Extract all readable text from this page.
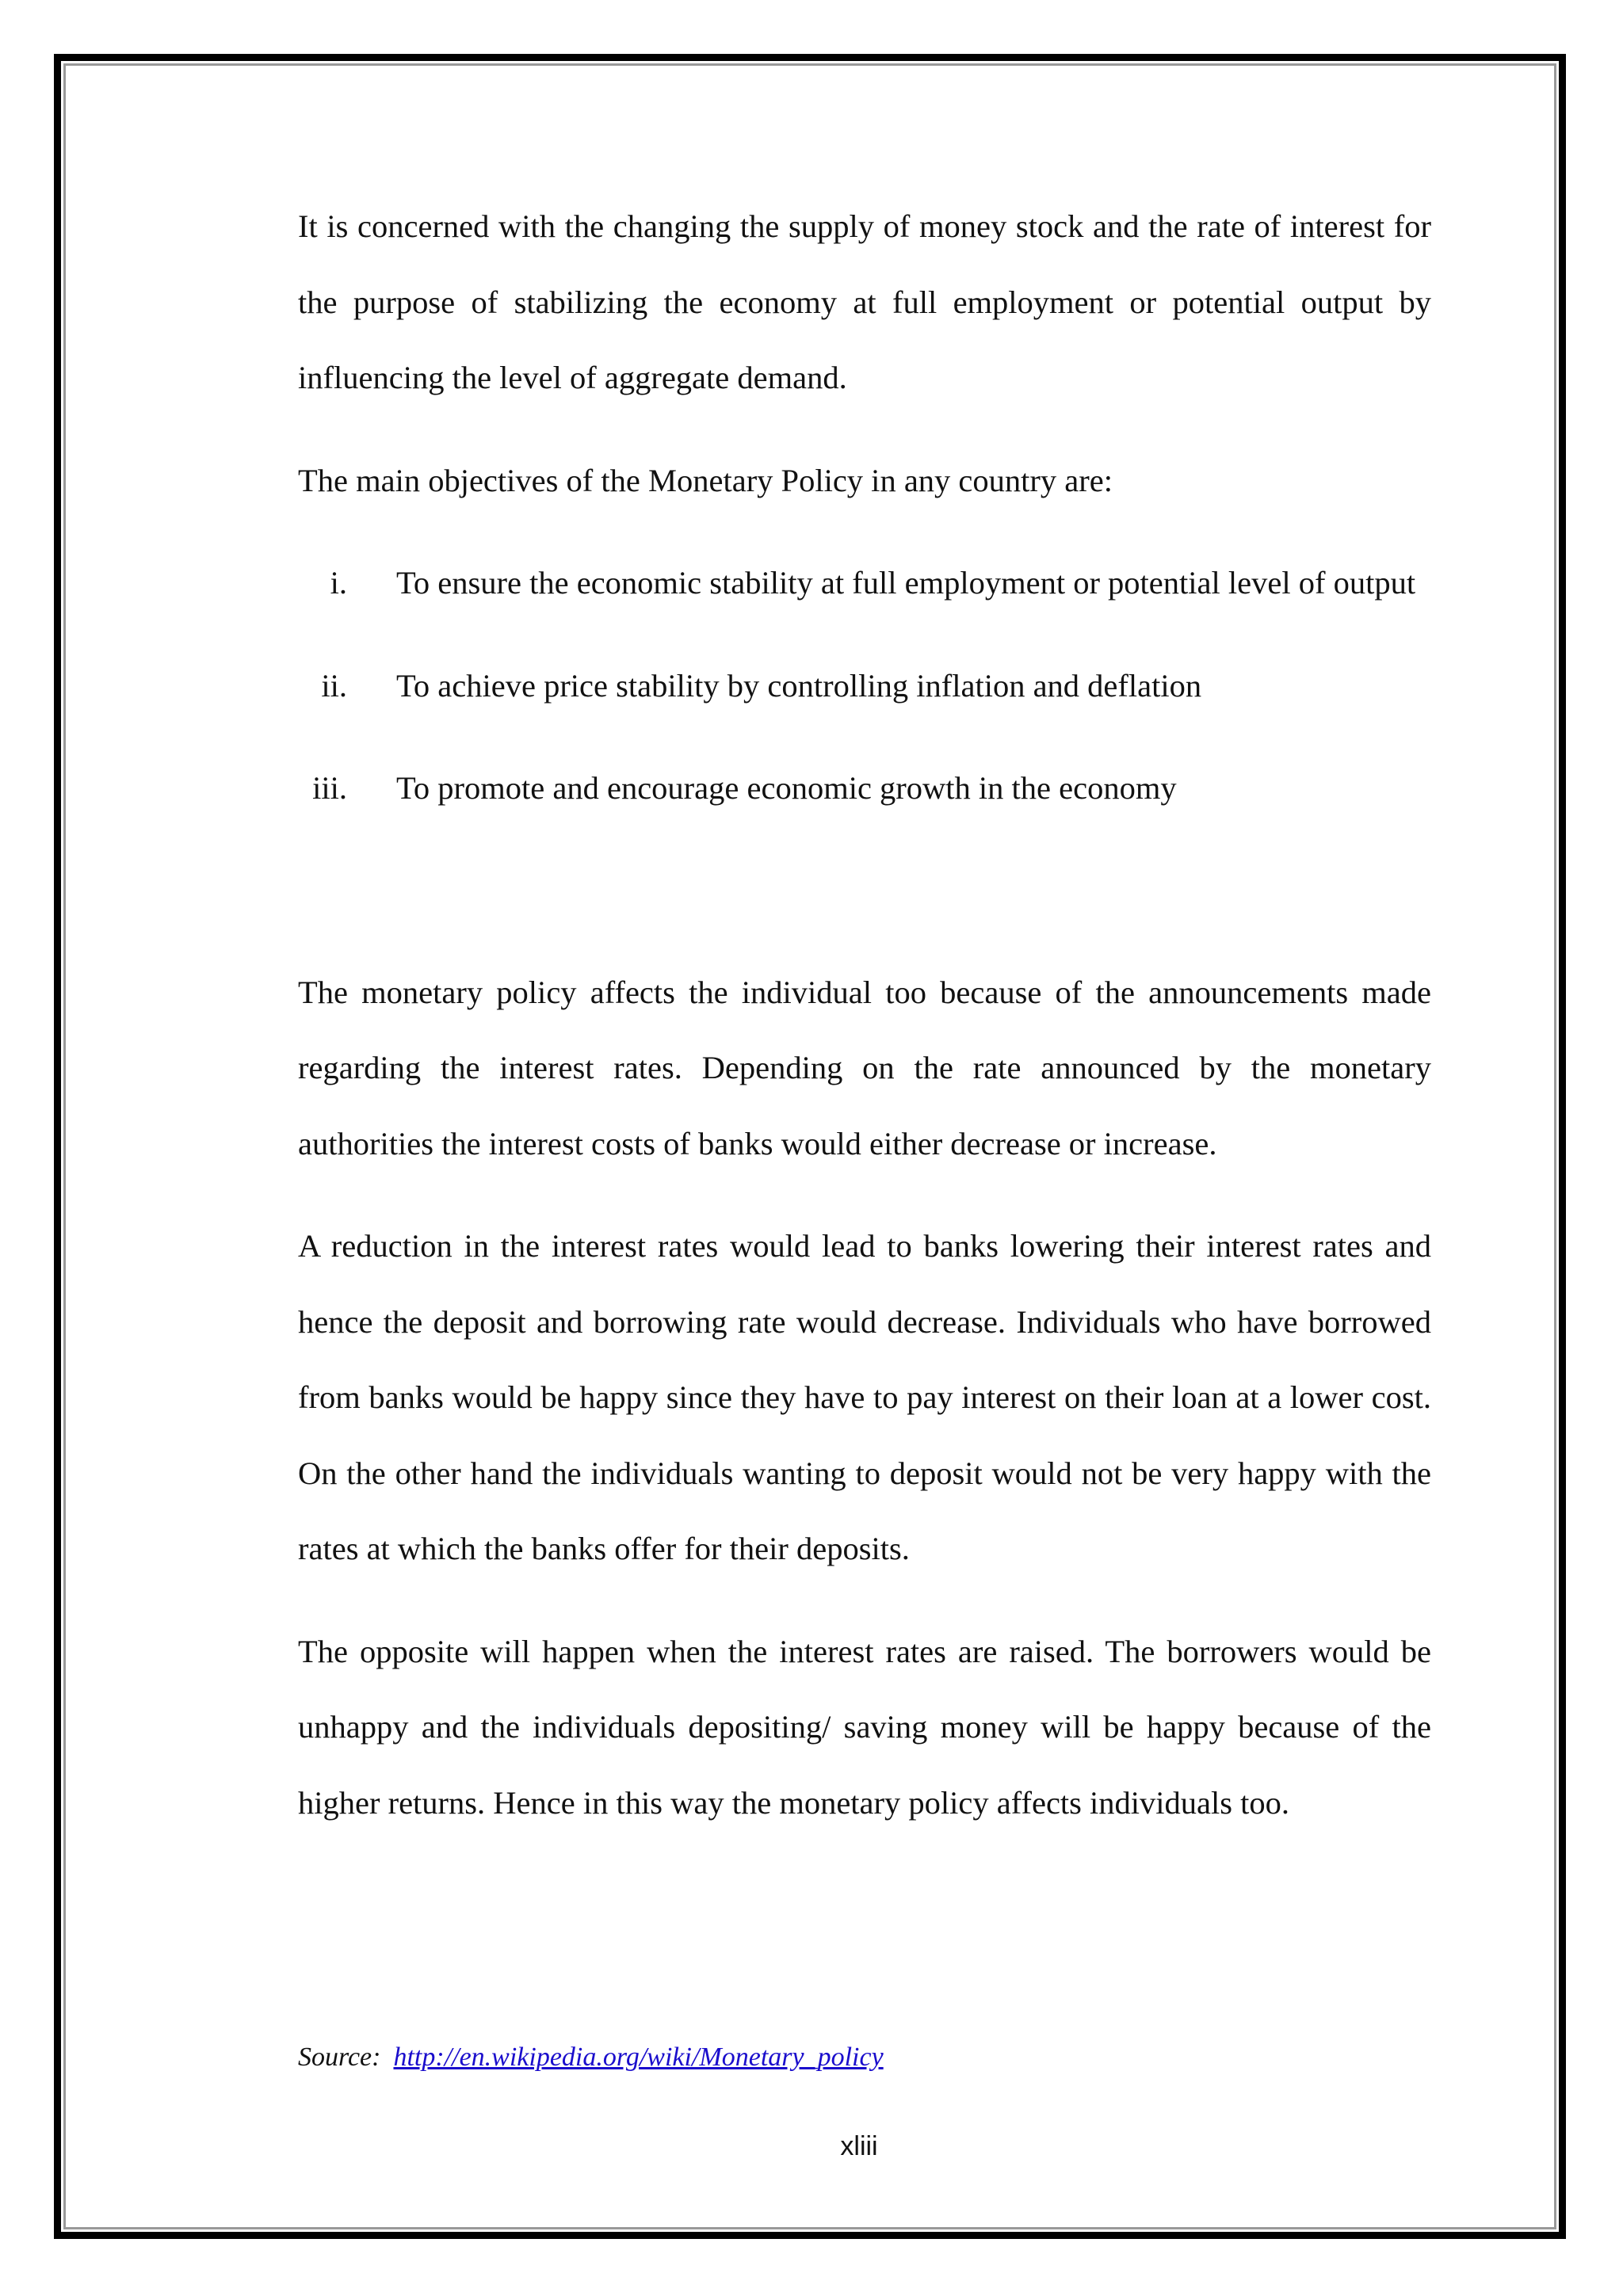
It is concerned with the changing the supply of money stock and the rate of interest for the purpose of stabilizing the economy at full employment or potential output by influencing the level of aggregate demand.

The main objectives of the Monetary Policy in any country are:

i. To ensure the economic stability at full employment or potential level of output
ii. To achieve price stability by controlling inflation and deflation
iii. To promote and encourage economic growth in the economy

The monetary policy affects the individual too because of the announcements made regarding the interest rates. Depending on the rate announced by the monetary authorities the interest costs of banks would either decrease or increase.

A reduction in the interest rates would lead to banks lowering their interest rates and hence the deposit and borrowing rate would decrease. Individuals who have borrowed from banks would be happy since they have to pay interest on their loan at a lower cost. On the other hand the individuals wanting to deposit would not be very happy with the rates at which the banks offer for their deposits.

The opposite will happen when the interest rates are raised. The borrowers would be unhappy and the individuals depositing/ saving money will be happy because of the higher returns. Hence in this way the monetary policy affects individuals too.

Source: http://en.wikipedia.org/wiki/Monetary_policy
xliii
